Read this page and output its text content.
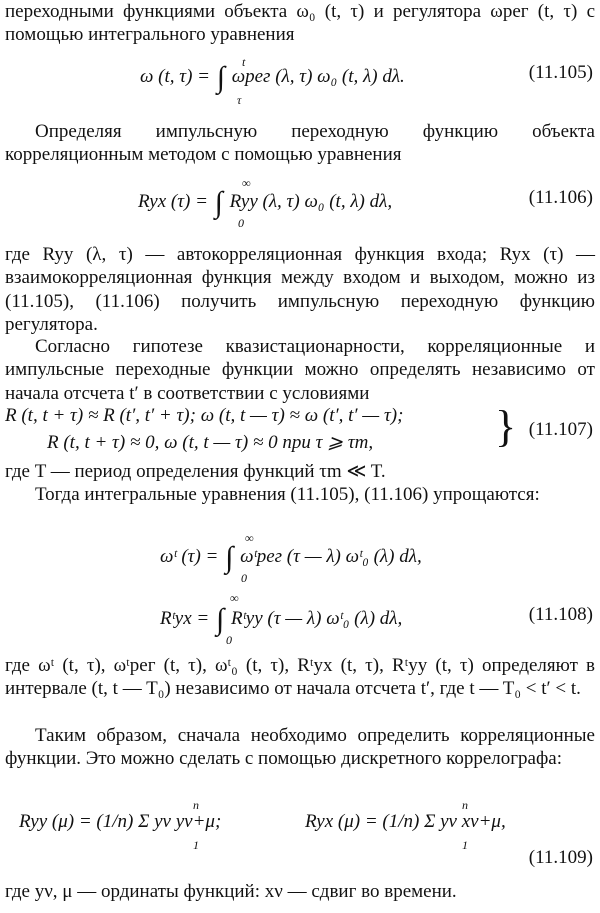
переходными функциями объекта ω₀ (t, τ) и регулятора ωрег (t, τ) с помощью интегрального уравнения

ω (t, τ) = ∫ ωрег (λ, τ) ω₀ (t, λ) dλ.
t
τ
(11.105)

Определяя импульсную переходную функцию объекта корреляционным методом с помощью уравнения

Ryx (τ) = ∫ Ryy (λ, τ) ω₀ (t, λ) dλ,
∞
0
(11.106)

где Ryy (λ, τ) — автокорреляционная функция входа; Ryx (τ) — взаимокорреляционная функция между входом и выходом, можно из (11.105), (11.106) получить импульсную переходную функцию регулятора.

Согласно гипотезе квазистационарности, корреляционные и импульсные переходные функции можно определять независимо от начала отсчета t′ в соответствии с условиями

R (t, t + τ) ≈ R (t′, t′ + τ); ω (t, t — τ) ≈ ω (t′, t′ — τ);
R (t, t + τ) ≈ 0, ω (t, t — τ) ≈ 0 при τ ⩾ τm,	} (11.107)

где T — период определения функций τm ≪ T.

Тогда интегральные уравнения (11.105), (11.106) упрощаются:

ωᵗ (τ) = ∫ ωᵗрег (τ — λ) ωᵗ₀ (λ) dλ,
∞
0
Rᵗyx = ∫ Rᵗyy (τ — λ) ωᵗ₀ (λ) dλ,
∞
0
(11.108)

где ωᵗ (t, τ), ωᵗрег (t, τ), ωᵗ₀ (t, τ), Rᵗyx (t, τ), Rᵗyy (t, τ) определяют в интервале (t, t — T₀) независимо от начала отсчета t′, где t — T₀ < t′ < t.

Таким образом, сначала необходимо определить корреляционные функции. Это можно сделать с помощью дискретного коррелографа:

Ryy (μ) = (1/n) Σ yν yν+μ;	Ryx (μ) = (1/n) Σ yν xν+μ,
n
1
n
1
(11.109)

где yν, μ — ординаты функций: xν — сдвиг во времени.
